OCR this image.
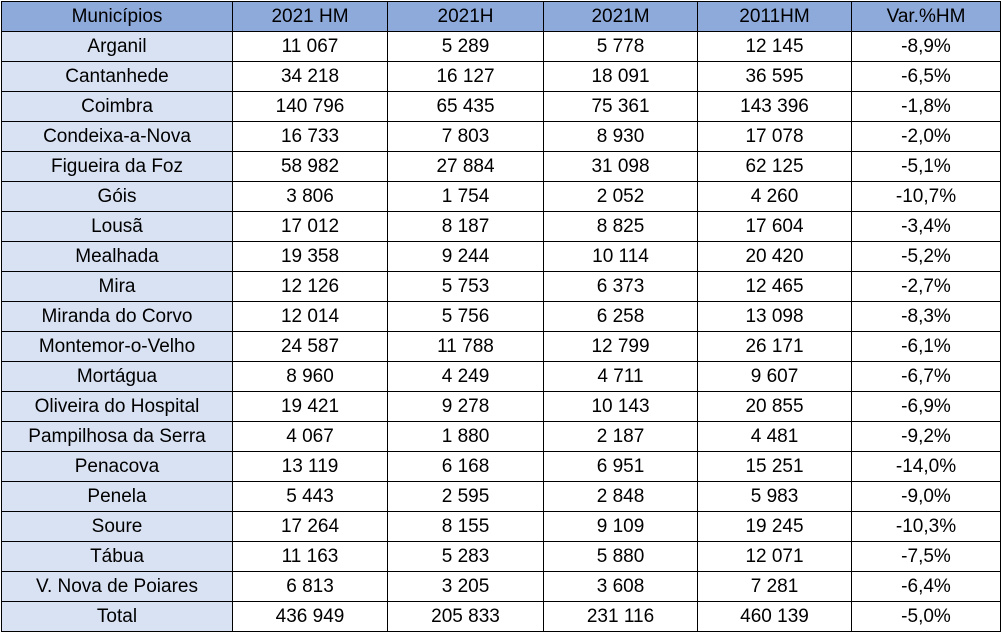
Municípios	2021 HM	2021H	2021M	2011HM	Var.%HM
Arganil	11 067	5 289	5 778	12 145	-8,9%
Cantanhede	34 218	16 127	18 091	36 595	-6,5%
Coimbra	140 796	65 435	75 361	143 396	-1,8%
Condeixa-a-Nova	16 733	7 803	8 930	17 078	-2,0%
Figueira da Foz	58 982	27 884	31 098	62 125	-5,1%
Góis	3 806	1 754	2 052	4 260	-10,7%
Lousã	17 012	8 187	8 825	17 604	-3,4%
Mealhada	19 358	9 244	10 114	20 420	-5,2%
Mira	12 126	5 753	6 373	12 465	-2,7%
Miranda do Corvo	12 014	5 756	6 258	13 098	-8,3%
Montemor-o-Velho	24 587	11 788	12 799	26 171	-6,1%
Mortágua	8 960	4 249	4 711	9 607	-6,7%
Oliveira do Hospital	19 421	9 278	10 143	20 855	-6,9%
Pampilhosa da Serra	4 067	1 880	2 187	4 481	-9,2%
Penacova	13 119	6 168	6 951	15 251	-14,0%
Penela	5 443	2 595	2 848	5 983	-9,0%
Soure	17 264	8 155	9 109	19 245	-10,3%
Tábua	11 163	5 283	5 880	12 071	-7,5%
V. Nova de Poiares	6 813	3 205	3 608	7 281	-6,4%
Total	436 949	205 833	231 116	460 139	-5,0%
